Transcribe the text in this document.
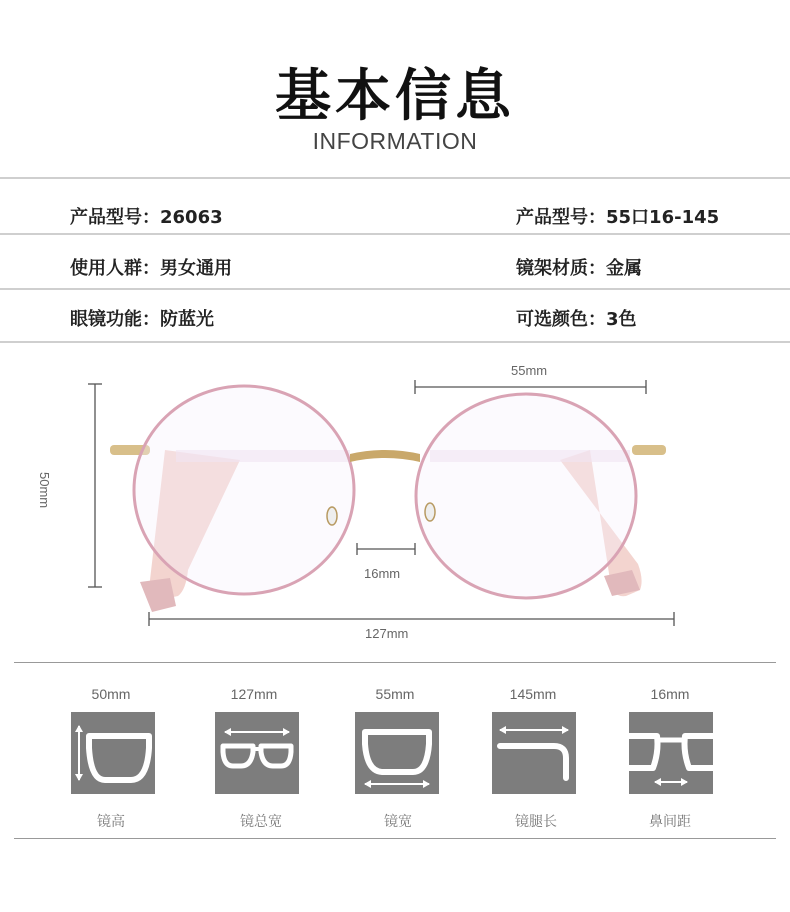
基本信息
INFORMATION
产品型号：26063	产品型号：55口16-145
使用人群：男女通用	镜架材质：金属
眼镜功能：防蓝光	可选颜色：3色
55mm
50mm
16mm
127mm
50mm	127mm	55mm	145mm	16mm
镜高	镜总宽	镜宽	镜腿长	鼻间距
